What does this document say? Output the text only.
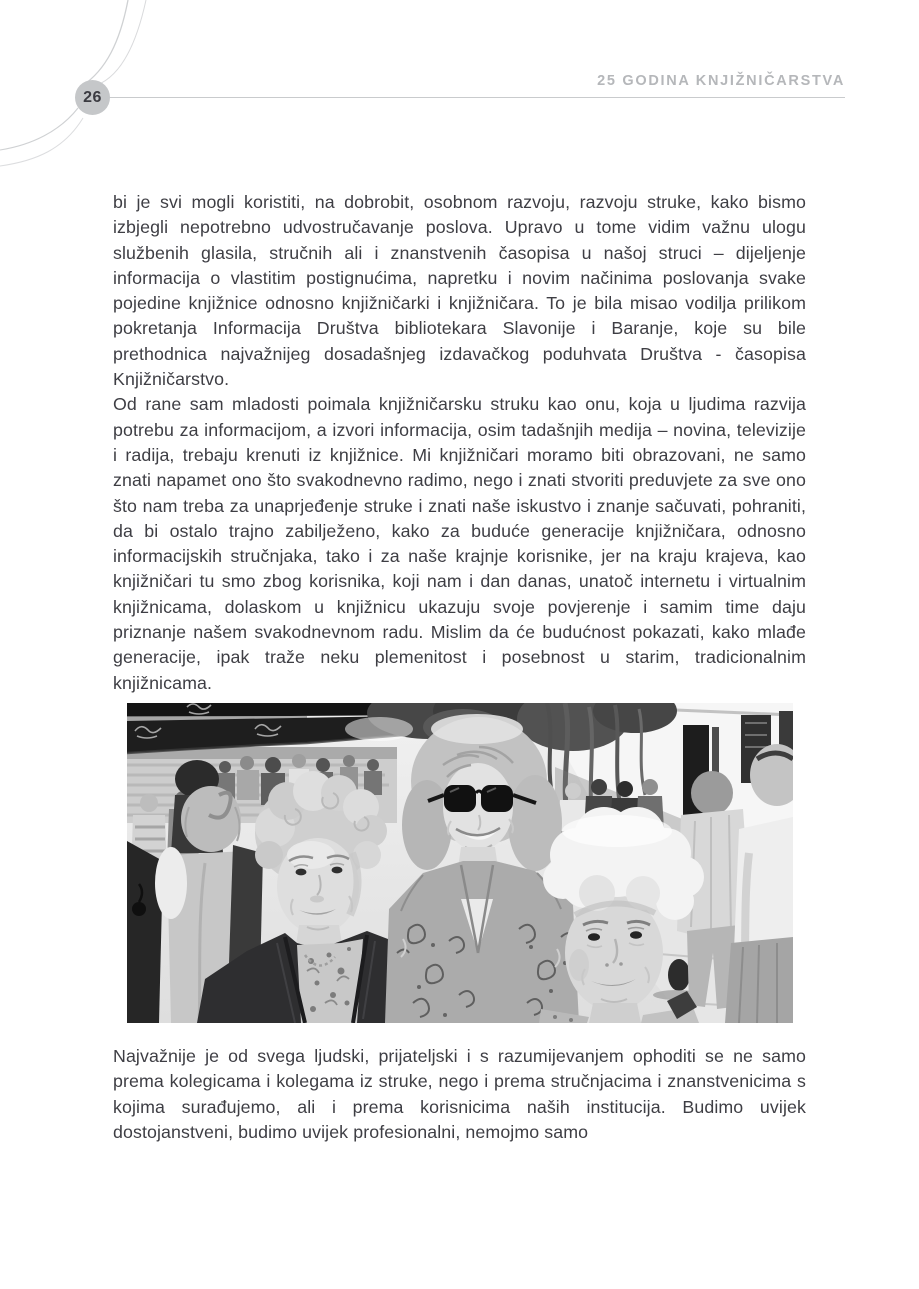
26
25 GODINA KNJIŽNIČARSTVA

bi je svi mogli koristiti, na dobrobit, osobnom razvoju, razvoju struke, kako bismo izbjegli nepotrebno udvostručavanje poslova. Upravo u tome vidim važnu ulogu službenih glasila, stručnih ali i znanstvenih časopisa u našoj struci – dijeljenje informacija o vlastitim postignućima, napretku i novim načinima poslovanja svake pojedine knjižnice odnosno knjižničarki i knjižničara. To je bila misao vodilja prilikom pokretanja Informacija Društva bibliotekara Slavonije i Baranje, koje su bile prethodnica najvažnijeg dosadašnjeg izdavačkog poduhvata Društva - časopisa Knjižničarstvo.

Od rane sam mladosti poimala knjižničarsku struku kao onu, koja u ljudima razvija potrebu za informacijom, a izvori informacija, osim tadašnjih medija – novina, televizije i radija, trebaju krenuti iz knjižnice. Mi knjižničari moramo biti obrazovani, ne samo znati napamet ono što svakodnevno radimo, nego i znati stvoriti preduvjete za sve ono što nam treba za unaprjeđenje struke i znati naše iskustvo i znanje sačuvati, pohraniti, da bi ostalo trajno zabilježeno, kako za buduće generacije knjižničara, odnosno informacijskih stručnjaka, tako i za naše krajnje korisnike, jer na kraju krajeva, kao knjižničari tu smo zbog korisnika, koji nam i dan danas, unatoč internetu i virtualnim knjižnicama, dolaskom u knjižnicu ukazuju svoje povjerenje i samim time daju priznanje našem svakodnevnom radu. Mislim da će budućnost pokazati, kako mlađe generacije, ipak traže neku plemenitost i posebnost u starim, tradicionalnim knjižnicama.

Najvažnije je od svega ljudski, prijateljski i s razumijevanjem ophoditi se ne samo prema kolegicama i kolegama iz struke, nego i prema stručnjacima i znanstvenicima s kojima surađujemo, ali i prema korisnicima naših institucija. Budimo uvijek dostojanstveni, budimo uvijek profesionalni, nemojmo samo
